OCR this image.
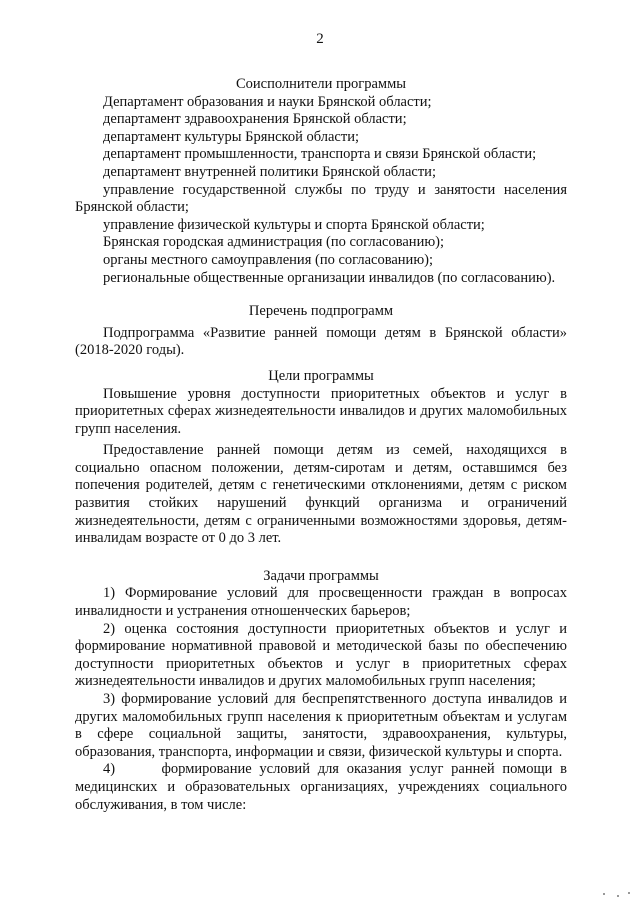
2

Соисполнители программы

Департамент образования и науки Брянской области;

департамент здравоохранения Брянской области;

департамент культуры Брянской области;

департамент промышленности, транспорта и связи Брянской области;

департамент внутренней политики Брянской области;

управление государственной службы по труду и занятости населения Брянской области;

управление физической культуры и спорта Брянской области;

Брянская городская администрация (по согласованию);

органы местного самоуправления (по согласованию);

региональные общественные организации инвалидов (по согласованию).

Перечень подпрограмм

Подпрограмма «Развитие ранней помощи детям в Брянской области» (2018-2020 годы).

Цели программы

Повышение уровня доступности приоритетных объектов и услуг в приоритетных сферах жизнедеятельности инвалидов и других маломобильных групп населения.

Предоставление ранней помощи детям из семей, находящихся в социально опасном положении, детям-сиротам и детям, оставшимся без попечения родителей, детям с генетическими отклонениями, детям с риском развития стойких нарушений функций организма и ограничений жизнедеятельности, детям с ограниченными возможностями здоровья, детям-инвалидам возрасте от 0 до 3 лет.

Задачи программы

1) Формирование условий для просвещенности граждан в вопросах инвалидности и устранения отношенческих барьеров;

2) оценка состояния доступности приоритетных объектов и услуг и формирование нормативной правовой и методической базы по обеспечению доступности приоритетных объектов и услуг в приоритетных сферах жизнедеятельности инвалидов и других маломобильных групп населения;

3) формирование условий для беспрепятственного доступа инвалидов и других маломобильных групп населения к приоритетным объектам и услугам в сфере социальной защиты, занятости, здравоохранения, культуры, образования, транспорта, информации и связи, физической культуры и спорта.

4)      формирование условий для оказания услуг ранней помощи в медицинских и образовательных организациях, учреждениях социального обслуживания, в том числе:
